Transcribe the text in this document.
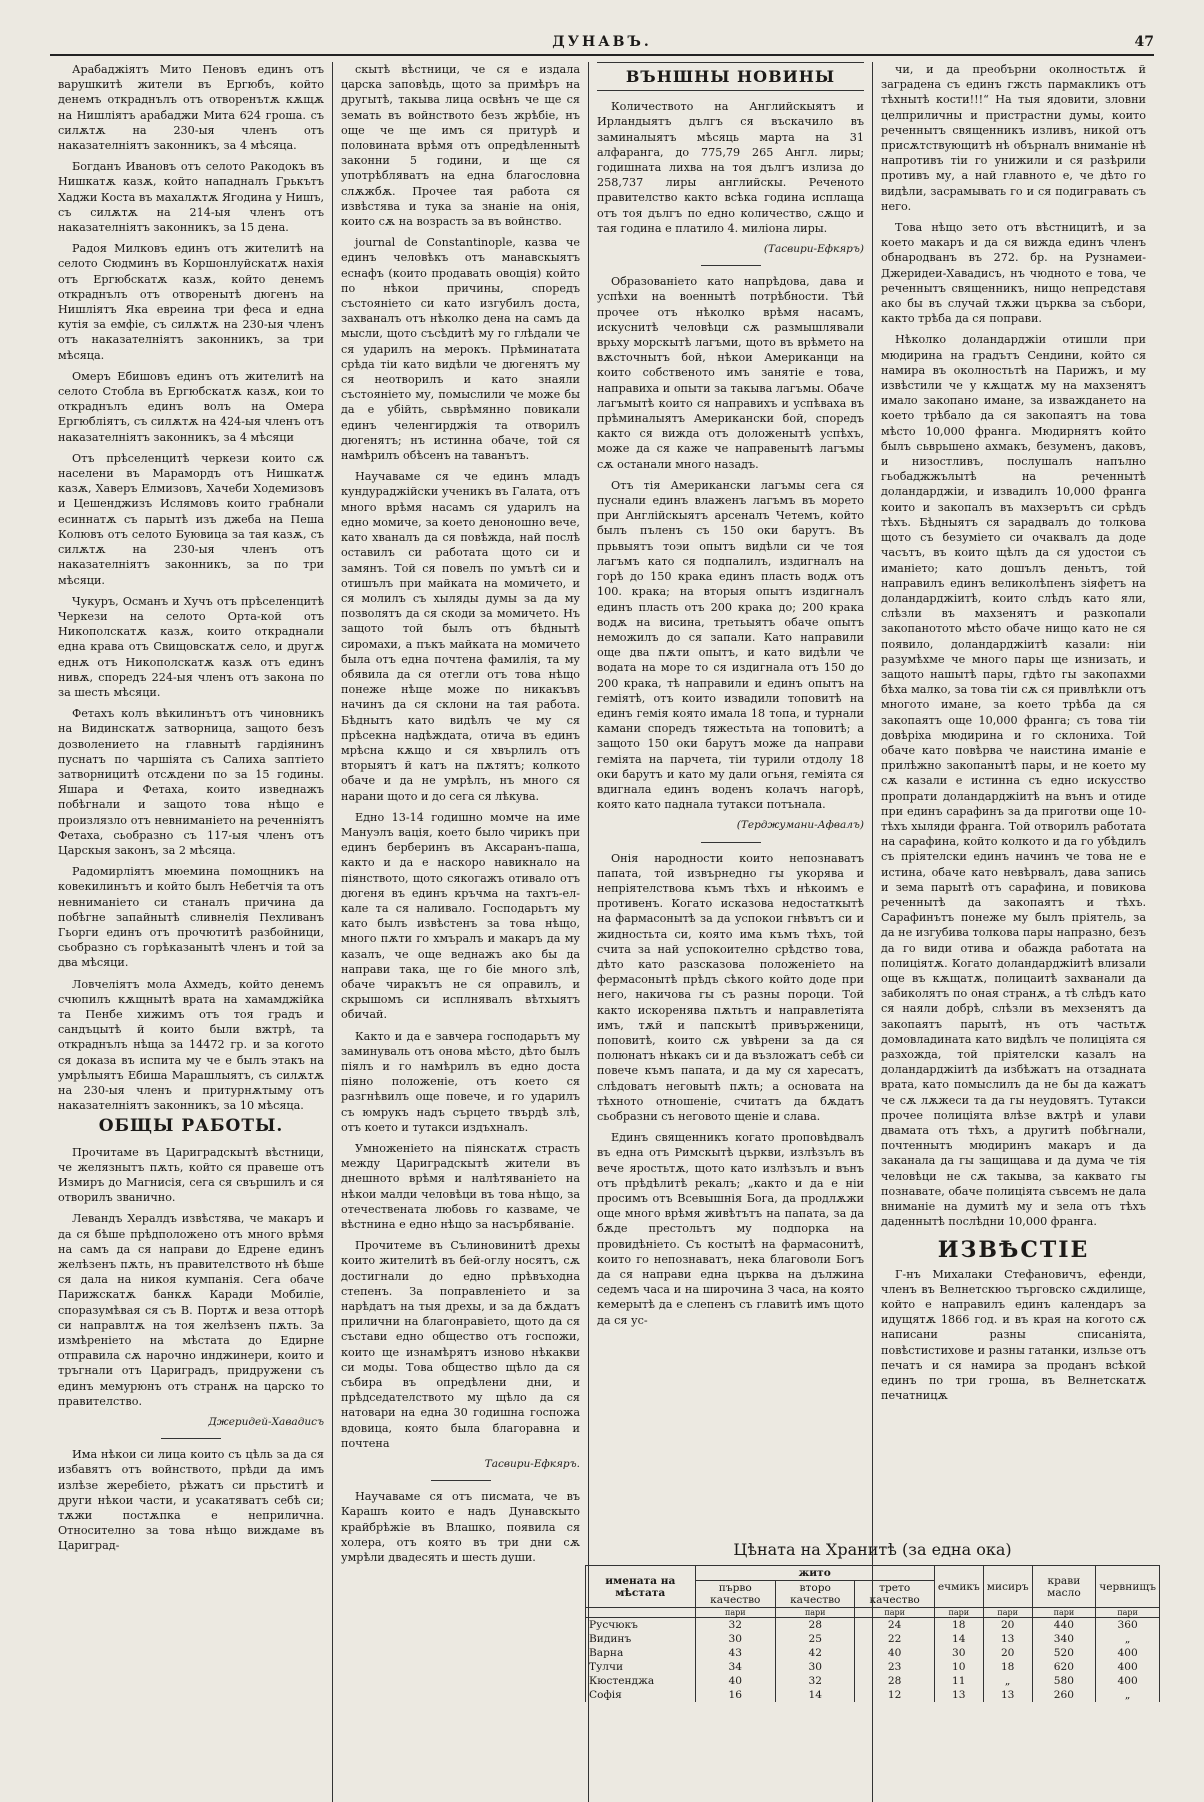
ДУНАВЪ.	47

Арабаджiятъ Мито Пеновъ единъ отъ варушкитѣ жители въ Ергюбъ, който денемъ откраднълъ отъ отворенътѫ кѫщѫ на Нишлiятъ арабаджи Мита 624 гроша. съ силѫтѫ на 230-ыя членъ отъ наказателнiятъ законникъ, за 4 мѣсяца.

Богданъ Ивановъ отъ селото Ракодокъ въ Нишкатѫ казѫ, който нападналъ Грькътъ Хаджи Коста въ махалѫтѫ Ягодина у Нишъ, съ силѫтѫ на 214-ыя членъ отъ наказателнiятъ законникъ, за 15 дена.

Радоя Милковъ единъ отъ жителитѣ на селото Сюдминъ въ Коршонлуйскатѫ нахiя отъ Ергюбскатѫ казѫ, който денемъ откраднълъ отъ отворенытѣ дюгенъ на Нишлiятъ Яка евреина три феса и една кутiя за емфiе, съ силѫтѫ на 230-ыя членъ отъ наказателнiятъ законникъ, за три мѣсяца.

Омеръ Ебишовъ единъ отъ жителитѣ на селото Стобла въ Ергюбскатѫ казѫ, кои то откраднълъ единъ волъ на Омера Ергюблiятъ, съ силѫтѫ на 424-ыя членъ отъ наказателнiятъ законникъ, за 4 мѣсяци

Отъ прѣселенцитѣ черкези които сѫ населени въ Марамордъ отъ Нишкатѫ казѫ, Хаверъ Елмизовъ, Хачеби Ходемизовъ и Цешенджизъ Ислямовъ които грабнали есиннатѫ съ парытѣ изъ джеба на Пеша Колювъ отъ селото Буювица за тая казѫ, съ силѫтѫ на 230-ыя членъ отъ наказателнiятъ законникъ, за по три мѣсяци.

Чукуръ, Османъ и Хучъ отъ прѣселенцитѣ Черкези на селото Орта-кой отъ Никополскатѫ казѫ, които откраднали една крава отъ Свищовскатѫ село, и другѫ еднѫ отъ Никополскатѫ казѫ отъ единъ нивѫ, споредъ 224-ыя членъ отъ закона по за шесть мѣсяци.

Фетахъ колъ вѣкилинътъ отъ чиновникъ на Видинскатѫ затворница, защото безъ дозволението на главнытѣ гардiянинъ пуснатъ по чаршiята съ Салиха заптiето затворницитѣ отсѫдени по за 15 годины. Яшара и Фетаха, които изведнажъ побѣгнали и защото това нѣщо е произлязло отъ невниманiето на реченнiятъ Фетаха, сьобразно съ 117-ыя членъ отъ Царскыя законъ, за 2 мѣсяца.

Радомирлiятъ мюемина помощникъ на ковекилинътъ и който былъ Небетчiя та отъ невниманiето си станалъ причина да побѣгне запайнытѣ сливнелiя Пехливанъ Гьорги единъ отъ прочютитѣ разбойници, сьобразно съ горѣказанытѣ членъ и той за два мѣсяци.

Ловчелiятъ мола Ахмедъ, който денемъ счюпилъ кѫщнытѣ врата на хамамджiйка та Пенбе хижимъ отъ тоя градъ и сандъцытѣ й които были вжтрѣ, та откраднълъ нѣща за 14472 гр. и за когото ся доказа въ испита му че е былъ этакъ на умрѣлыятъ Ебиша Марашлыятъ, съ силѫтѫ на 230-ыя членъ и притурнѫтыму отъ наказателнiятъ законникъ, за 10 мѣсяца.

ОБЩЫ РАБОТЫ.

Прочитаме въ Цариградскытѣ вѣстници, че желязнытъ пѫть, който ся правеше отъ Измиръ до Магнисiя, сега ся свършилъ и ся отворилъ званично.

Левандъ Хералдъ извѣстява, че макаръ и да ся бѣше прѣдположено отъ много врѣмя на самъ да ся направи до Едрене единъ желѣзенъ пѫть, нъ правителството нѣ бѣше ся дала на никоя кумпанiя. Сега обаче Парижскатѫ банкѫ Каради Мобилiе, споразумѣвая ся съ В. Портѫ и веза отторѣ си направлтѫ на тоя желѣзенъ пѫть. За измѣренiето на мѣстата до Едирне отправила сѫ нарочно инджинери, които и тръгнали отъ Цариградъ, придружени съ единъ мемурюнъ отъ странѫ на царско то правителство.

Джеридей-Хавадисъ

Има нѣкои си лица които съ цѣль за да ся избавятъ отъ войнството, прѣди да имъ излѣзе жеребiето, рѣжатъ си прьститѣ и други нѣкои части, и усакатяватъ себѣ си; тѫжи постѫпка е неприлична. Относително за това нѣщо виждаме въ Цариград-

скытѣ вѣстници, че ся е издала царска заповѣдь, щото за примѣръ на другытѣ, такыва лица освѣнъ че ще ся земать въ войнството безъ жрѣбiе, нъ още че ще имъ ся притурѣ и половината врѣмя отъ опредѣленнытѣ законни 5 години, и ще ся употрѣбляватъ на една благословна слѫжбѫ. Прочее тая работа ся извѣстява и тука за знанiе на онiя, които сѫ на возрасть за въ войнство.

journal de Constantinople, казва че единъ человѣкъ отъ манавскыятъ еснафъ (които продавать овощiя) който по нѣкои причины, споредъ състоянiето си като изгубилъ доста, захваналъ отъ нѣколко дена на самъ да мысли, щото съсѣдитѣ му го глѣдали че ся ударилъ на мерокъ. Прѣминатата срѣда тiи като видѣли че дюгенятъ му ся неотворилъ и като знаяли състоянiето му, помыслили че може бы да е убiйть, сьврѣмянно повикали единъ челенгирджiя та отворилъ дюгенятъ; нъ истинна обаче, той ся намѣрилъ обѣсенъ на таванътъ.

Научаваме ся че единъ младъ кундураджiйски ученикъ въ Галата, отъ много врѣмя насамъ ся ударилъ на едно момиче, за което деноношно вече, като хваналъ да ся повѣжда, най послѣ оставилъ си работата щото си и замянъ. Той ся повелъ по умътѣ си и отишълъ при майката на момичето, и ся молилъ съ хыляды думы за да му позволятъ да ся скоди за момичето. Нъ защото той былъ отъ бѣднытѣ сиромахи, а пъкъ майката на момичето была отъ една почтена фамилiя, та му обявила да ся отегли отъ това нѣщо понеже нѣще може по никакъвъ начинъ да ся склони на тая работа. Бѣднытъ като видѣлъ че му ся прѣсекна надѣждата, отича въ единъ мрѣсна кѫщо и ся хвърлилъ отъ вторыятъ й катъ на пѫтятъ; колкото обаче и да не умрѣлъ, нъ много ся нарани щото и до сега ся лѣкува.

Едно 13-14 годишно момче на име Мануэлъ вацiя, което было чирикъ при единъ берберинъ въ Аксаранъ-паша, както и да е наскоро навикнало на пiянството, щото сякогажъ отивало отъ дюгеня въ единъ кръчма на тахтъ-ел-кале та ся наливало. Господарьтъ му като былъ извѣстенъ за това нѣщо, много пѫти го хмъралъ и макаръ да му казалъ, че още веднажъ ако бы да направи така, ще го бiе много злѣ, обаче чиракътъ не ся оправилъ, и скрышомъ си исплнявалъ вѣтхыятъ обичай.

Както и да е завчера господарьтъ му заминуваль отъ онова мѣсто, дѣто былъ пiялъ и го намѣрилъ въ едно доста пiяно положенiе, отъ което ся разгнѣвилъ още повече, и го ударилъ съ юмрукъ надъ сърцето твърдѣ злѣ, отъ което и тутакси издъхналъ.

Умноженiето на пiянскатѫ страсть между Цариградскытѣ жители въ днешното врѣмя и налѣтяванiето на нѣкои малди человѣци въ това нѣщо, за отечествената любовь го казваме, че вѣстнина е едно нѣщо за насърбяванiе.

Прочитеме въ Сълиновинитѣ дрехы които жителитѣ въ бей-оглу носятъ, сѫ достигнали до едно прѣвъходна степенъ. За поправленiето и за нарѣдатъ на тыя дрехы, и за да бѫдатъ прилични на благонравiето, щото да ся състави едно общество отъ госпожи, които ще изнамѣрятъ изново нѣкакви си моды. Това общество щѣло да ся събира въ опредѣлени дни, и прѣдседателството му щѣло да ся натовари на една 30 годишна госпожа вдовица, която была благоравна и почтена

Тасвири-Ефкяръ.

Научаваме ся отъ писмата, че въ Карашъ които е надъ Дунавскыто крайбрѣжiе въ Влашко, появила ся холера, отъ която въ три дни сѫ умрѣли двадесять и шесть души.

ВЪНШНЫ НОВИНЫ

Количеството на Английскыятъ и Ирландыятъ дългъ ся въскачило въ заминалыятъ мѣсяць марта на 31 алфаранга, до 775,79 265 Англ. лиры; годишната лихва на тоя дългъ излиза до 258,737 лиры английскы. Реченото правителство както всѣка година исплаща отъ тоя дългъ по едно количество, сѫщо и тая година е платило 4. милiона лиры.

(Тасвири-Ефкяръ)

Образованiето като напрѣдова, дава и успѣхи на военнытѣ потрѣбности. Тѣй прочее отъ нѣколко врѣмя насамъ, искуснитѣ человѣци сѫ размышлявали врьху морскытѣ лагъми, щото въ врѣмето на вѫсточнытъ бой, нѣкои Американци на които собственото имъ занятiе е това, направиха и опыти за такыва лагъмы. Обаче лагъмытѣ които ся направихъ и успѣваха въ прѣминалыятъ Американски бой, споредъ както ся вижда отъ доложенытѣ успѣхъ, може да ся каже че направенытѣ лагъмы сѫ останали много назадъ.

Отъ тiя Американски лагъмы сега ся пуснали единъ влаженъ лагъмъ въ морето при Англiйскыятъ арсеналъ Четемъ, който былъ пъленъ съ 150 оки барутъ. Въ прьвыятъ тоэи опытъ видѣли си че тоя лагъмъ като ся подпалилъ, издигналъ на горѣ до 150 крака единъ пласть водѫ отъ 100. крака; на вторыя опытъ издигналъ единъ пласть отъ 200 крака до; 200 крака водѫ на висина, третьыятъ обаче опытъ неможилъ до ся запали. Като направили още два пѫти опытъ, и като видѣли че водата на море то ся издигнала отъ 150 до 200 крака, тѣ направили и единъ опытъ на гемiятѣ, отъ които извадили топовитѣ на единъ гемiя която имала 18 топа, и турнали камани споредъ тяжестьта на топовитѣ; а защото 150 оки барутъ може да направи гемiята на парчета, тiи турили отдолу 18 оки барутъ и като му дали огьня, гемiята ся вдигнала единъ воденъ колачъ нагорѣ, която като паднала тутакси потънала.

(Терджумани-Афвалъ)

Онiя народности които непознаватъ папата, той извърнедно гы укорява и непрiятелствова къмъ тѣхъ и нѣкоимъ е противенъ. Когато исказова недостаткытѣ на фармасонытѣ за да успокои гнѣвътъ си и жидностьта си, която има къмъ тѣхъ, той счита за най успокоително срѣдство това, дѣто като разсказова положенiето на фермасонытѣ прѣдъ сѣкого който доде при него, накичова гы съ разны пороци. Той както искоренява пѫтьтъ и направлетiята имъ, тѫй и папскытѣ привърженици, поповитѣ, които сѫ увѣрени за да ся полюнатъ нѣкакъ си и да възложатъ себѣ си повече къмъ папата, и да му ся харесатъ, слѣдоватъ неговытѣ пѫть; а основата на тѣхното отношенiе, считатъ да бѫдатъ сьобразни съ неговото щенiе и слава.

Единъ священникъ когато проповѣдвалъ въ една отъ Римскытѣ църкви, излѣзълъ въ вече яростьтѫ, щото като излѣзълъ и вънъ отъ прѣдѣлитѣ рекалъ; „както и да е нiи просимъ отъ Всевышнiя Бога, да продлѫжи още много врѣмя живѣтътъ на папата, за да бѫде престольтъ му подпорка на провидѣнiето. Съ костытѣ на фармасонитѣ, които го непознаватъ, нека благоволи Богъ да ся направи една църква на дължина седемъ часа и на широчина 3 часа, на която кемерытѣ да е слепенъ съ главитѣ имъ щото да ся ус-

чи, и да преобърни околностьтѫ й заградена съ единъ гжсть пармакликъ отъ тѣхнытѣ кости!!!“ На тыя ядовити, зловни целприличны и пристрастни думы, които реченнытъ священникъ изливъ, никой отъ присѫтствующитѣ нѣ обърналъ вниманiе нѣ напротивъ тiи го унижили и ся разѣрили противъ му, а най главното е, че дѣто го видѣли, засрамывать го и ся подигравать съ него.

Това нѣщо зето отъ вѣстницитѣ, и за което макаръ и да ся вижда единъ членъ обнародванъ въ 272. бр. на Рузнамеи-Джеридеи-Хавадисъ, нъ чюдното е това, че реченнытъ священникъ, нищо непредставя ако бы въ случай тѫжи църква за събори, както трѣба да ся поправи.

Нѣколко доландарджiи отишли при мюдирина на градътъ Сендини, който ся намира въ околностьтѣ на Парижъ, и му извѣстили че у кѫщатѫ му на махзенятъ имало закопано имане, за изваждането на което трѣбало да ся закопаятъ на това мѣсто 10,000 франга. Мюдирнятъ който былъ сьврьшено ахмакъ, безуменъ, даковъ, и низостливъ, послушалъ напълно гьобаджжълытѣ на реченнытѣ доландарджiи, и извадилъ 10,000 франга които и закопалъ въ махзерътъ си срѣдъ тѣхъ. Бѣдныятъ ся зарадвалъ до толкова щото съ безумiето си очаквалъ да доде часътъ, въ които щѣлъ да ся удостои съ иманiето; като дошълъ деньтъ, той направилъ единъ великолѣпенъ зiяфетъ на доландарджiитѣ, които слѣдъ като яли, слѣзли въ махзенятъ и разкопали закопанотото мѣсто обаче нищо като не ся появило, доландарджiитѣ казали: нiи разумѣхме че много пары ще изнизать, и защото нашытѣ пары, гдѣто гы закопахми бѣха малко, за това тiи сѫ ся привлѣкли отъ многото имане, за което трѣба да ся закопаятъ още 10,000 франга; съ това тiи довѣрiха мюдирина и го склониха. Той обаче като повѣрва че наистина иманiе е прилѣжно закопанытѣ пары, и не което му сѫ казали е истинна съ едно искусство пропрати доландарджiитѣ на вънъ и отиде при единъ сарафинъ за да приготви още 10-тѣхъ хыляди франга. Той отворилъ работата на сарафина, който колкото и да го убѣдилъ съ прiятелски единъ начинъ че това не е истина, обаче като невѣрвалъ, дава запись и зема парытѣ отъ сарафина, и повикова реченнытѣ да закопаятъ и тѣхъ. Сарафинътъ понеже му былъ прiятель, за да не изгубива толкова пары напразно, безъ да го види отива и обажда работата на полицiятѫ. Когато доландарджiитѣ влизали още въ кѫщатѫ, полицаитѣ захванали да забиколятъ по оная странѫ, а тѣ слѣдъ като ся наяли добрѣ, слѣзли въ мехзенятъ да закопаятъ парытѣ, нъ отъ частьтѫ домовладината като видѣлъ че полицiята ся разхожда, той прiятелски казалъ на доландарджiитѣ да избѣжатъ на отзадната врата, като помыслилъ да не бы да кажатъ че сѫ лѫжеси та да гы неудовятъ. Тутакси прочее полицiята влѣзе вѫтрѣ и улави двамата отъ тѣхъ, а другитѣ побѣгнали, почтеннытъ мюдиринъ макаръ и да заканала да гы защищава и да дума че тiя человѣци не сѫ такыва, за каквато гы познавате, обаче полицiята съвсемъ не дала вниманiе на думитѣ му и зела отъ тѣхъ даденнытѣ послѣдни 10,000 франга.

ИЗВѢСТIЕ

Г-нъ Михалаки Стефановичъ, ефенди, членъ въ Велнетскюо търговско сѫдилище, който е направилъ единъ календаръ за идущятѫ 1866 год. и въ края на когото сѫ написани разны списанiята, повѣстистихове и разны гатанки, изльзе отъ печатъ и ся намира за проданъ всѣкой единъ по три гроша, въ Велнетскатѫ печатницѫ

Цѣната на Хранитѣ (за една ока)
имената на мѣстата	жито			ечмикъ	мисиръ	крави масло	червнищъ
	първо качество	второ качество	трето качество				
	пари	пари	пари	пари	пари	пари	пари
Русчюкъ	32	28	24	18	20	440	360
Видинъ	30	25	22	14	13	340	„
Варна	43	42	40	30	20	520	400
Тулчи	34	30	23	10	18	620	400
Кюстенджа	40	32	28	11	„	580	400
Софiя	16	14	12	13	13	260	„
